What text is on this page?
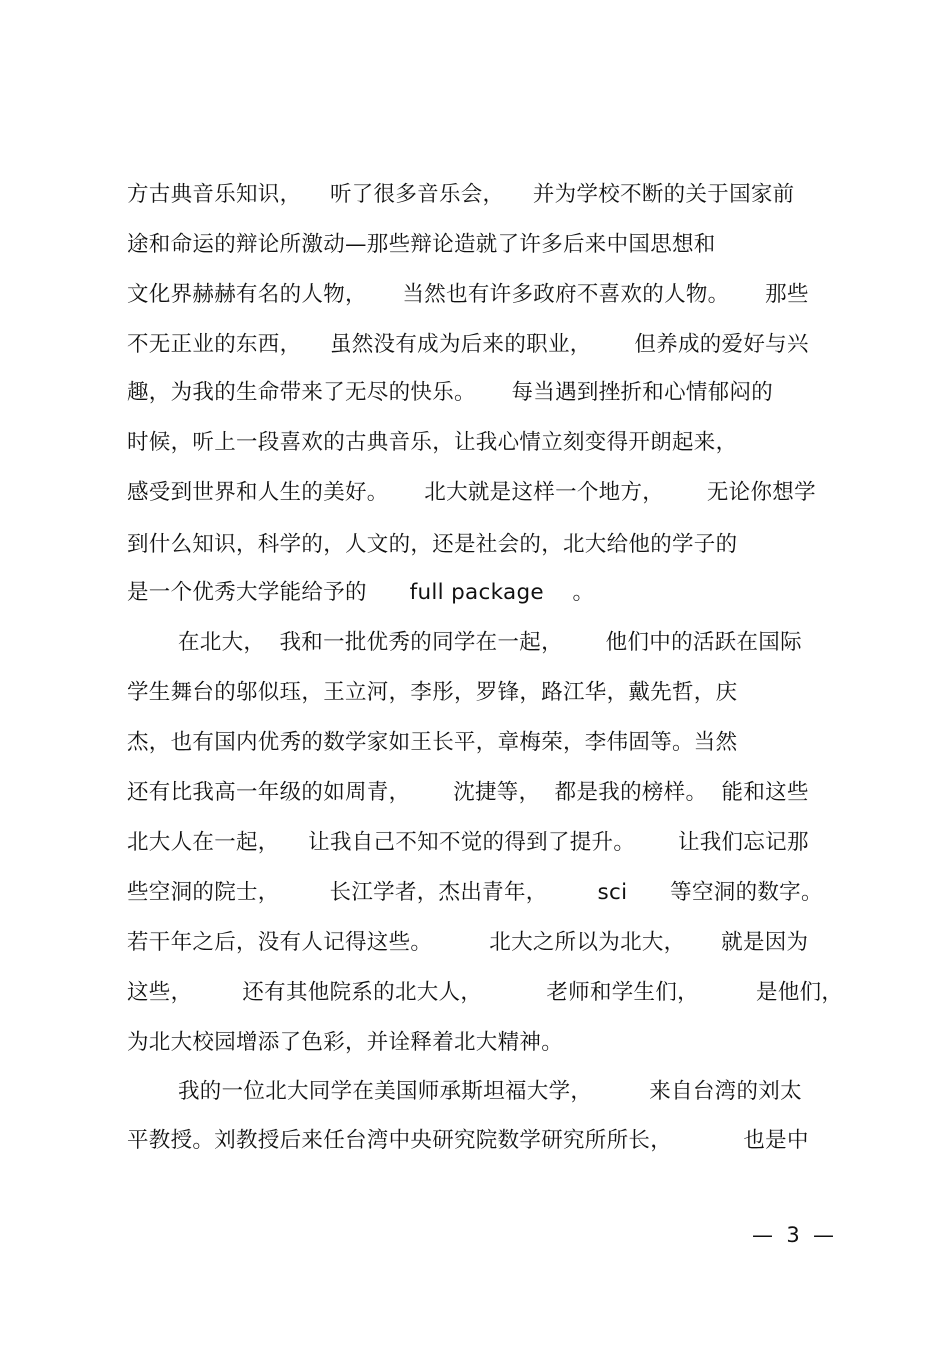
方古典音乐知识，    听了很多音乐会，    并为学校不断的关于国家前
途和命运的辩论所激动—那些辩论造就了许多后来中国思想和
文化界赫赫有名的人物，     当然也有许多政府不喜欢的人物。     那些
不无正业的东西，    虽然没有成为后来的职业，      但养成的爱好与兴
趣，为我的生命带来了无尽的快乐。     每当遇到挫折和心情郁闷的
时候，听上一段喜欢的古典音乐，让我心情立刻变得开朗起来，
感受到世界和人生的美好。     北大就是这样一个地方，      无论你想学
到什么知识，科学的，人文的，还是社会的，北大给他的学子的
是一个优秀大学能给予的      full package    。
在北大，  我和一批优秀的同学在一起，      他们中的活跃在国际
学生舞台的邬似珏，王立河，李彤，罗锋，路江华，戴先哲，庆
杰，也有国内优秀的数学家如王长平，章梅荣，李伟固等。当然
还有比我高一年级的如周青，      沈捷等，  都是我的榜样。  能和这些
北大人在一起，    让我自己不知不觉的得到了提升。      让我们忘记那
些空洞的院士，       长江学者，杰出青年，       sci      等空洞的数字。
若干年之后，没有人记得这些。        北大之所以为北大，     就是因为
这些，       还有其他院系的北大人，         老师和学生们，        是他们，
为北大校园增添了色彩，并诠释着北大精神。
我的一位北大同学在美国师承斯坦福大学，        来自台湾的刘太
平教授。刘教授后来任台湾中央研究院数学研究所所长，          也是中
—  3  —
